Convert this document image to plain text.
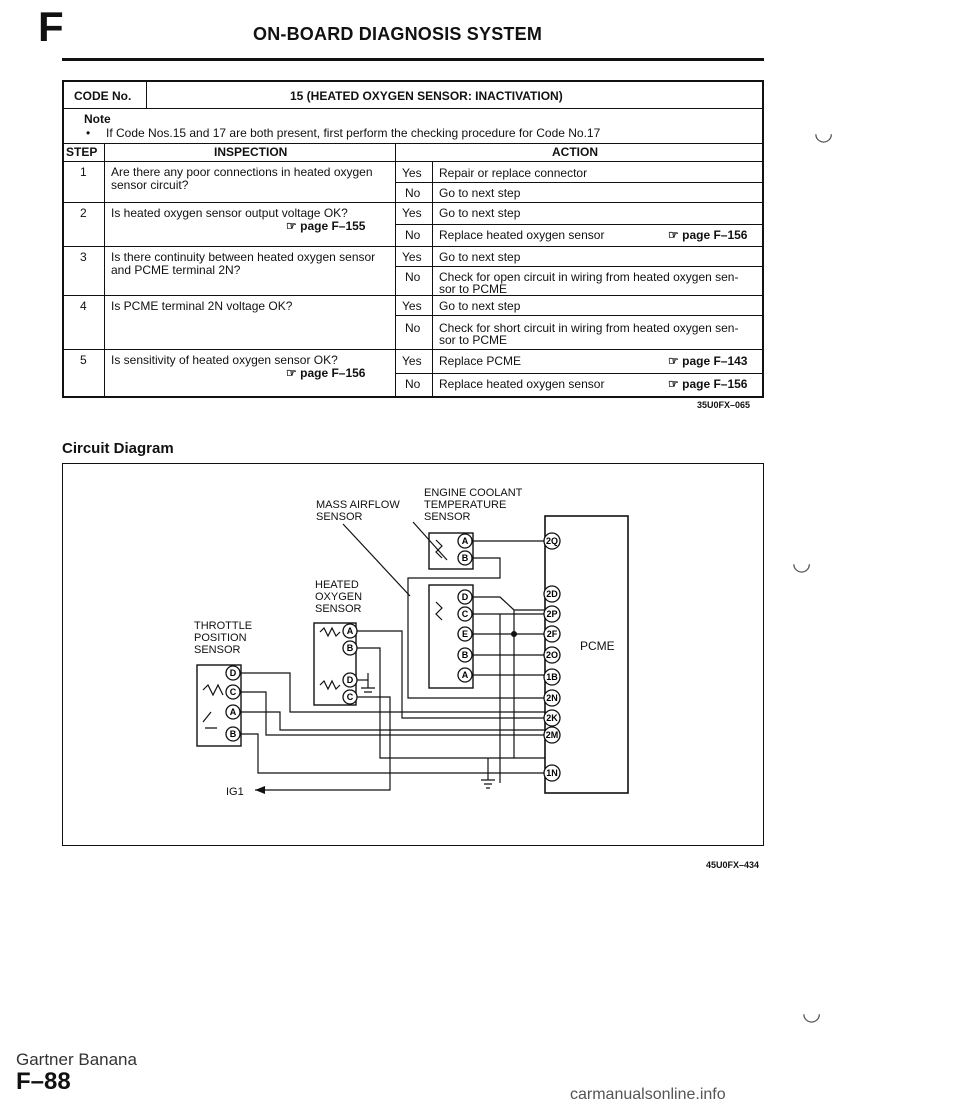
F	ON-BOARD DIAGNOSIS SYSTEM
CODE No.	15 (HEATED OXYGEN SENSOR: INACTIVATION)
Note
• If Code Nos.15 and 17 are both present, first perform the checking procedure for Code No.17
STEP	INSPECTION	ACTION
1 Are there any poor connections in heated oxygen
sensor circuit?
Yes Repair or replace connector
No Go to next step
2 Is heated oxygen sensor output voltage OK?
☞ page F–155
Yes Go to next step
No Replace heated oxygen sensor	☞ page F–156
3 Is there continuity between heated oxygen sensor
and PCME terminal 2N?
Yes Go to next step
No Check for open circuit in wiring from heated oxygen sen-
sor to PCME
4 Is PCME terminal 2N voltage OK?	Yes Go to next step
No Check for short circuit in wiring from heated oxygen sen-
sor to PCME
5 Is sensitivity of heated oxygen sensor OK?
☞ page F–156
Yes Replace PCME	☞ page F–143
No Replace heated oxygen sensor	☞ page F–156
35U0FX–065
Circuit Diagram
A
B
D
C
E
B
A
A
B
D
C
D
C
A
B
2Q
2D
2P
2F
2O
1B
2N
2K
2M
1N
ENGINE COOLANT
TEMPERATURE
SENSOR
MASS AIRFLOW
SENSOR
HEATED
OXYGEN
SENSOR
THROTTLE
POSITION
SENSOR	PCME
IG1
45U0FX–434
◡
◡
◡
Gartner Banana
F–88	carmanualsonline.info
